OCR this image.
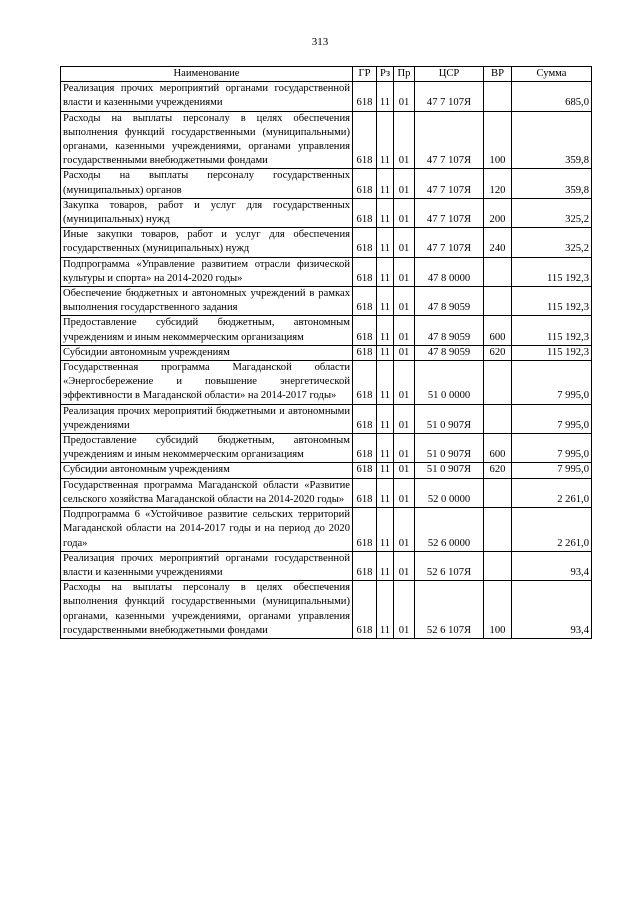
313
Наименование	ГР	Рз	Пр	ЦСР	ВР	Сумма
Реализация прочих мероприятий органами государственной власти и казенными учреждениями	618	11	01	47 7 107Я		685,0
Расходы на выплаты персоналу в целях обеспечения выполнения функций государственными (муниципальными) органами, казенными учреждениями, органами управления государственными внебюджетными фондами	618	11	01	47 7 107Я	100	359,8
Расходы на выплаты персоналу государственных (муниципальных) органов	618	11	01	47 7 107Я	120	359,8
Закупка товаров, работ и услуг для государственных (муниципальных) нужд	618	11	01	47 7 107Я	200	325,2
Иные закупки товаров, работ и услуг для обеспечения государственных (муниципальных) нужд	618	11	01	47 7 107Я	240	325,2
Подпрограмма «Управление развитием отрасли физической культуры и спорта» на 2014-2020 годы»	618	11	01	47 8 0000		115 192,3
Обеспечение бюджетных и автономных учреждений в рамках выполнения государственного задания	618	11	01	47 8 9059		115 192,3
Предоставление субсидий бюджетным, автономным учреждениям и иным некоммерческим организациям	618	11	01	47 8 9059	600	115 192,3
Субсидии автономным учреждениям	618	11	01	47 8 9059	620	115 192,3
Государственная программа Магаданской области «Энергосбережение и повышение энергетической эффективности в Магаданской области» на 2014-2017 годы»	618	11	01	51 0 0000		7 995,0
Реализация прочих мероприятий бюджетными и автономными учреждениями	618	11	01	51 0 907Я		7 995,0
Предоставление субсидий бюджетным, автономным учреждениям и иным некоммерческим организациям	618	11	01	51 0 907Я	600	7 995,0
Субсидии автономным учреждениям	618	11	01	51 0 907Я	620	7 995,0
Государственная программа Магаданской области «Развитие сельского хозяйства Магаданской области на 2014-2020 годы»	618	11	01	52 0 0000		2 261,0
Подпрограмма 6 «Устойчивое развитие сельских территорий Магаданской области на 2014-2017 годы и на период до 2020 года»	618	11	01	52 6 0000		2 261,0
Реализация прочих мероприятий органами государственной власти и казенными учреждениями	618	11	01	52 6 107Я		93,4
Расходы на выплаты персоналу в целях обеспечения выполнения функций государственными (муниципальными) органами, казенными учреждениями, органами управления государственными внебюджетными фондами	618	11	01	52 6 107Я	100	93,4
